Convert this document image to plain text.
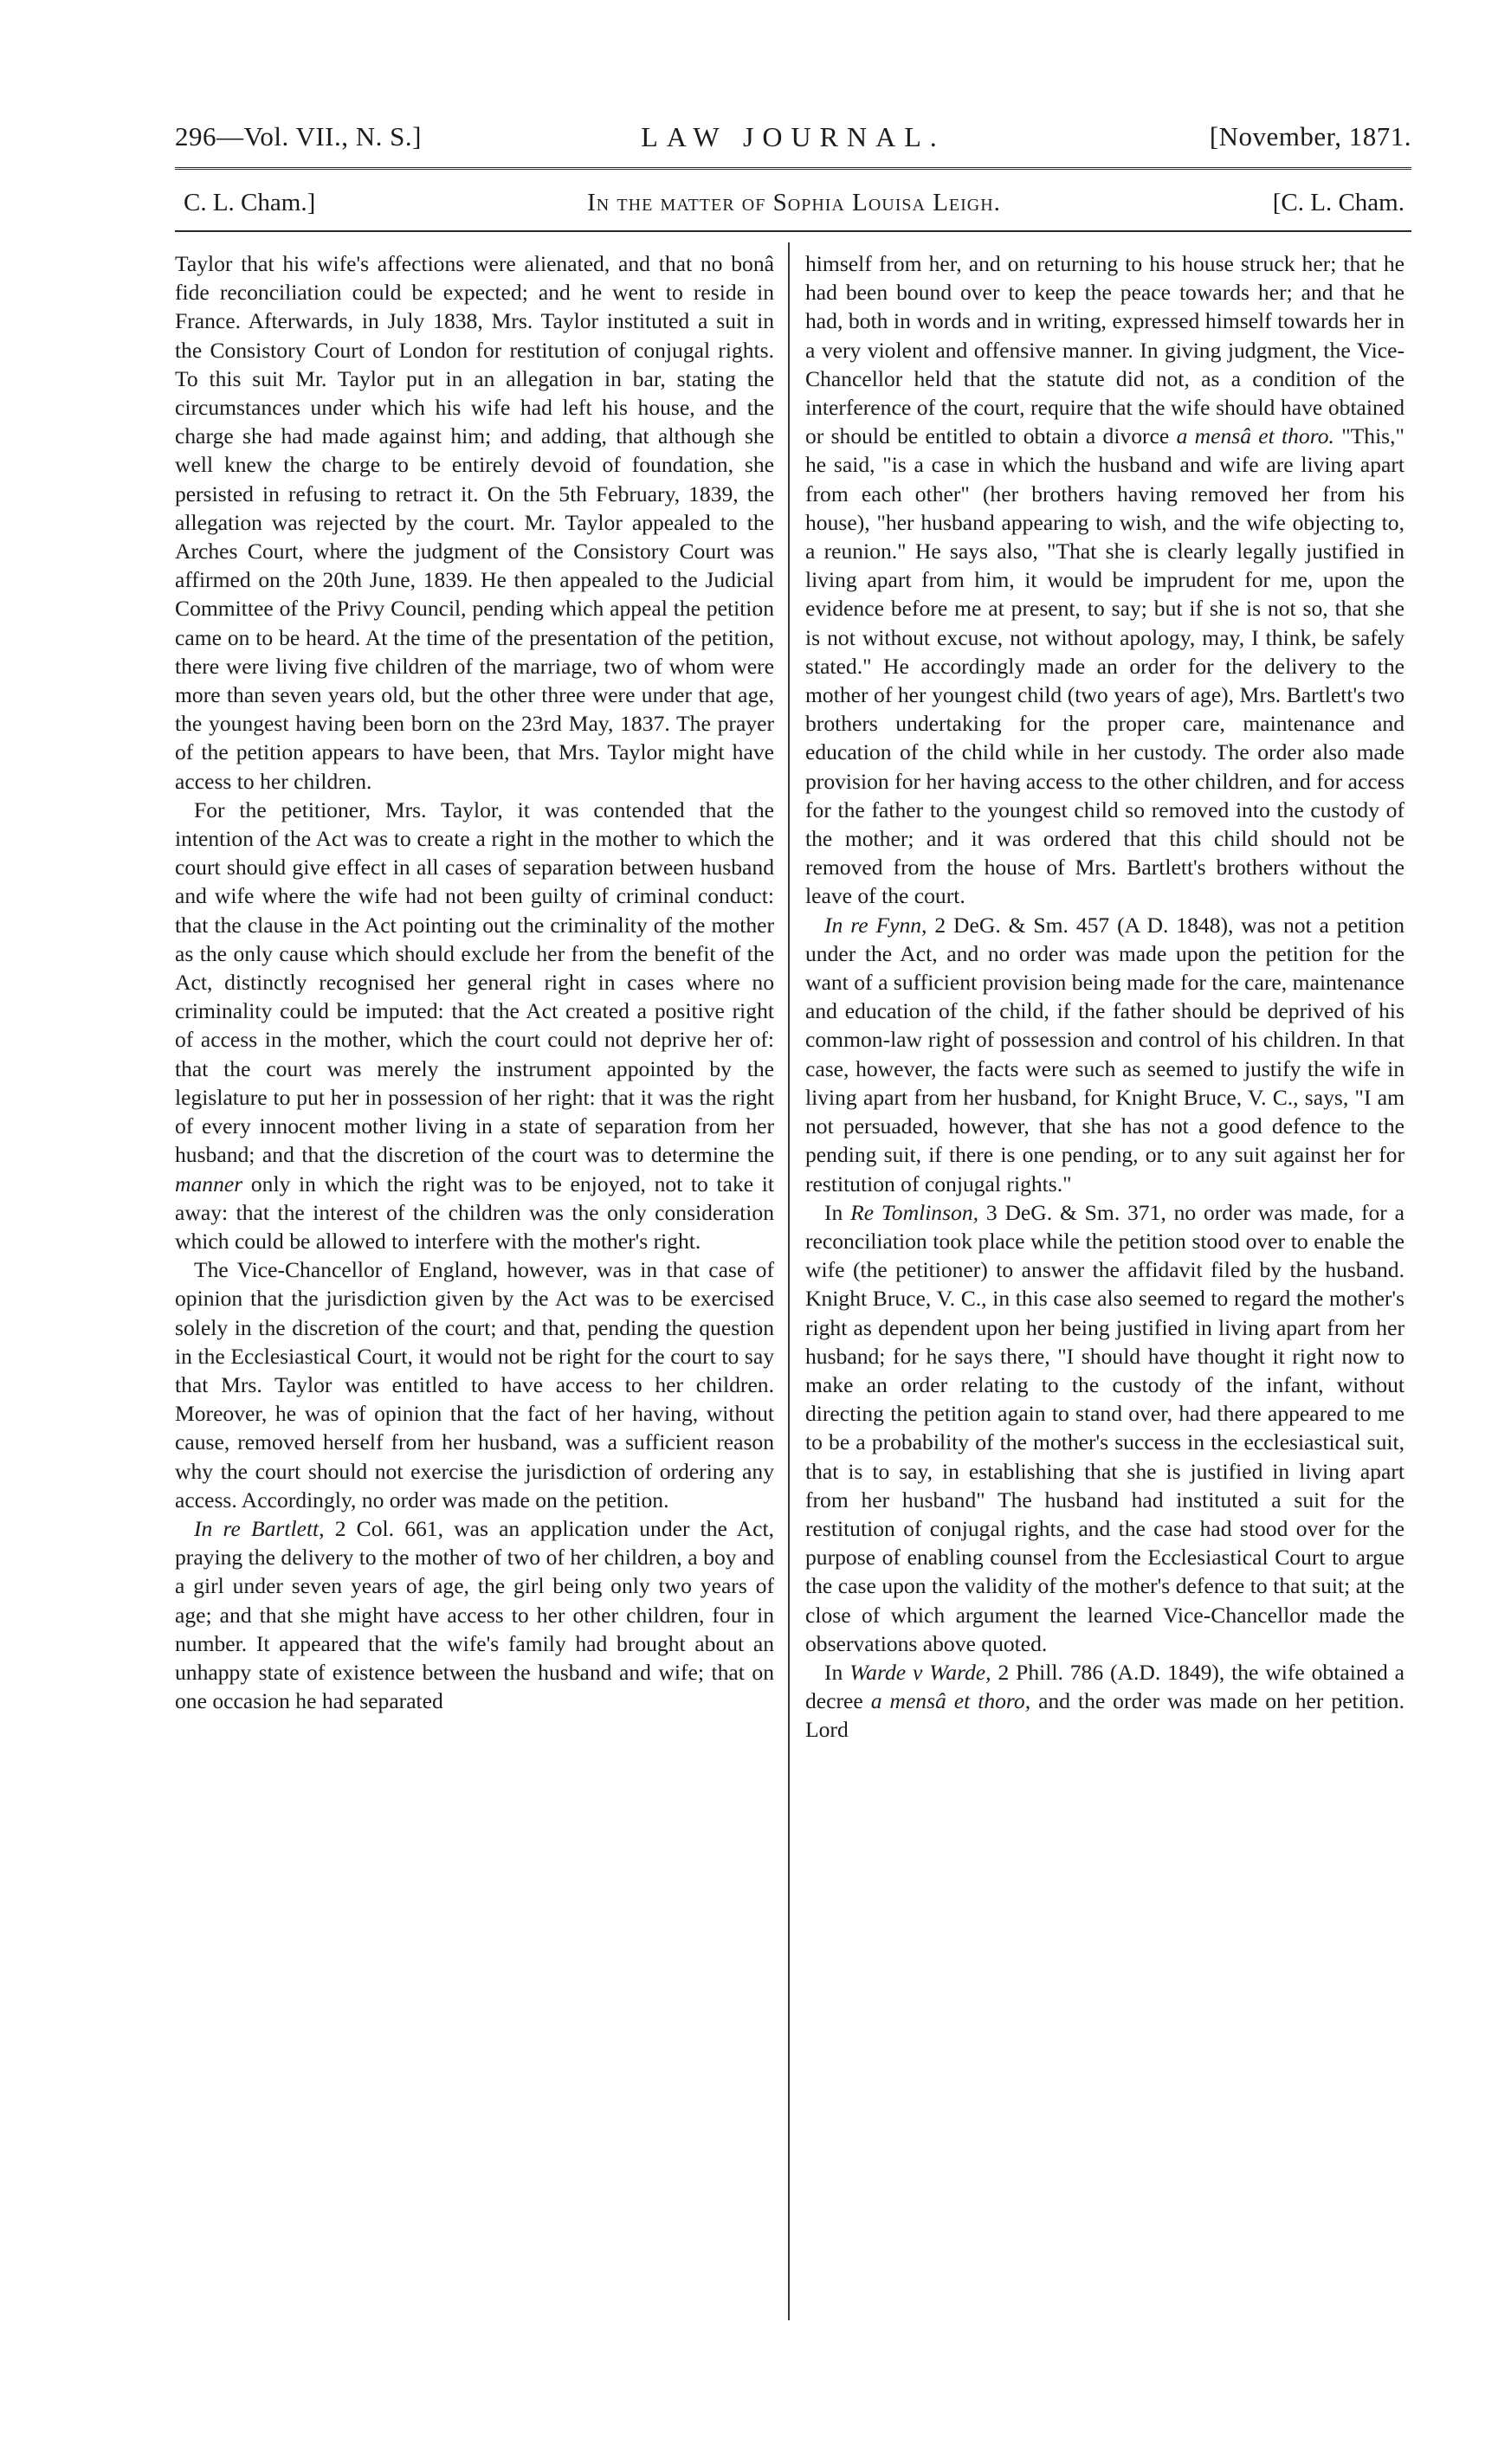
296—Vol. VII., N. S.]	LAW JOURNAL.	[November, 1871.
C. L. Cham.]	In the matter of Sophia Louisa Leigh.	[C. L. Cham.

Taylor that his wife's affections were alienated, and that no bonâ fide reconciliation could be expected; and he went to reside in France. Afterwards, in July 1838, Mrs. Taylor instituted a suit in the Consistory Court of London for restitution of conjugal rights. To this suit Mr. Taylor put in an allegation in bar, stating the circumstances under which his wife had left his house, and the charge she had made against him; and adding, that although she well knew the charge to be entirely devoid of foundation, she persisted in refusing to retract it. On the 5th February, 1839, the allegation was rejected by the court. Mr. Taylor appealed to the Arches Court, where the judgment of the Consistory Court was affirmed on the 20th June, 1839. He then appealed to the Judicial Committee of the Privy Council, pending which appeal the petition came on to be heard. At the time of the presentation of the petition, there were living five children of the marriage, two of whom were more than seven years old, but the other three were under that age, the youngest having been born on the 23rd May, 1837. The prayer of the petition appears to have been, that Mrs. Taylor might have access to her children.

For the petitioner, Mrs. Taylor, it was contended that the intention of the Act was to create a right in the mother to which the court should give effect in all cases of separation between husband and wife where the wife had not been guilty of criminal conduct: that the clause in the Act pointing out the criminality of the mother as the only cause which should exclude her from the benefit of the Act, distinctly recognised her general right in cases where no criminality could be imputed: that the Act created a positive right of access in the mother, which the court could not deprive her of: that the court was merely the instrument appointed by the legislature to put her in possession of her right: that it was the right of every innocent mother living in a state of separation from her husband; and that the discretion of the court was to determine the manner only in which the right was to be enjoyed, not to take it away: that the interest of the children was the only consideration which could be allowed to interfere with the mother's right.

The Vice-Chancellor of England, however, was in that case of opinion that the jurisdiction given by the Act was to be exercised solely in the discretion of the court; and that, pending the question in the Ecclesiastical Court, it would not be right for the court to say that Mrs. Taylor was entitled to have access to her children. Moreover, he was of opinion that the fact of her having, without cause, removed herself from her husband, was a sufficient reason why the court should not exercise the jurisdiction of ordering any access. Accordingly, no order was made on the petition.

In re Bartlett, 2 Col. 661, was an application under the Act, praying the delivery to the mother of two of her children, a boy and a girl under seven years of age, the girl being only two years of age; and that she might have access to her other children, four in number. It appeared that the wife's family had brought about an unhappy state of existence between the husband and wife; that on one occasion he had separated

himself from her, and on returning to his house struck her; that he had been bound over to keep the peace towards her; and that he had, both in words and in writing, expressed himself towards her in a very violent and offensive manner. In giving judgment, the Vice-Chancellor held that the statute did not, as a condition of the interference of the court, require that the wife should have obtained or should be entitled to obtain a divorce a mensâ et thoro. "This," he said, "is a case in which the husband and wife are living apart from each other" (her brothers having removed her from his house), "her husband appearing to wish, and the wife objecting to, a reunion." He says also, "That she is clearly legally justified in living apart from him, it would be imprudent for me, upon the evidence before me at present, to say; but if she is not so, that she is not without excuse, not without apology, may, I think, be safely stated." He accordingly made an order for the delivery to the mother of her youngest child (two years of age), Mrs. Bartlett's two brothers undertaking for the proper care, maintenance and education of the child while in her custody. The order also made provision for her having access to the other children, and for access for the father to the youngest child so removed into the custody of the mother; and it was ordered that this child should not be removed from the house of Mrs. Bartlett's brothers without the leave of the court.

In re Fynn, 2 DeG. & Sm. 457 (A D. 1848), was not a petition under the Act, and no order was made upon the petition for the want of a sufficient provision being made for the care, maintenance and education of the child, if the father should be deprived of his common-law right of possession and control of his children. In that case, however, the facts were such as seemed to justify the wife in living apart from her husband, for Knight Bruce, V. C., says, "I am not persuaded, however, that she has not a good defence to the pending suit, if there is one pending, or to any suit against her for restitution of conjugal rights."

In Re Tomlinson, 3 DeG. & Sm. 371, no order was made, for a reconciliation took place while the petition stood over to enable the wife (the petitioner) to answer the affidavit filed by the husband. Knight Bruce, V. C., in this case also seemed to regard the mother's right as dependent upon her being justified in living apart from her husband; for he says there, "I should have thought it right now to make an order relating to the custody of the infant, without directing the petition again to stand over, had there appeared to me to be a probability of the mother's success in the ecclesiastical suit, that is to say, in establishing that she is justified in living apart from her husband" The husband had instituted a suit for the restitution of conjugal rights, and the case had stood over for the purpose of enabling counsel from the Ecclesiastical Court to argue the case upon the validity of the mother's defence to that suit; at the close of which argument the learned Vice-Chancellor made the observations above quoted.

In Warde v Warde, 2 Phill. 786 (A.D. 1849), the wife obtained a decree a mensâ et thoro, and the order was made on her petition. Lord
